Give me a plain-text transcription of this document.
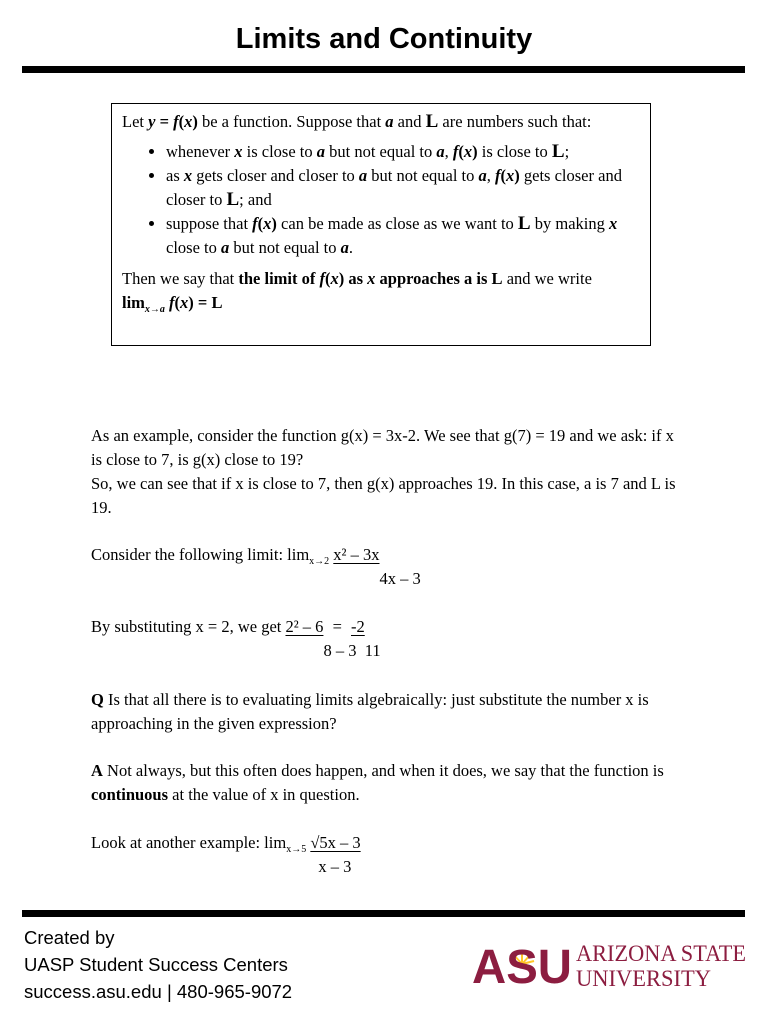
Limits and Continuity

Let y = f(x) be a function. Suppose that a and L are numbers such that:

• whenever x is close to a but not equal to a, f(x) is close to L;
• as x gets closer and closer to a but not equal to a, f(x) gets closer and closer to L; and
• suppose that f(x) can be made as close as we want to L by making x close to a but not equal to a.

Then we say that the limit of f(x) as x approaches a is L and we write

$\lim_{x\to a} f(x) = L$

As an example, consider the function g(x) = 3x-2. We see that g(7) = 19 and we ask: if x is close to 7, is g(x) close to 19?
So, we can see that if x is close to 7, then g(x) approaches 19. In this case, a is 7 and L is 19.

Consider the following limit: $\lim_{x\to 2} x^2 - 3x$
4x – 3

By substituting x = 2, we get 2² – 6
8 – 3
= -2
11

Q Is that all there is to evaluating limits algebraically: just substitute the number x is approaching in the given expression?

A Not always, but this often does happen, and when it does, we say that the function is continuous at the value of x in question.

Look at another example: $\lim_{x\to 5} \frac{√5x - 3}{x - 3}$

Created by
UASP Student Success Centers
success.asu.edu | 480-965-9072	ASU ARIZONA STATE
UNIVERSITY
